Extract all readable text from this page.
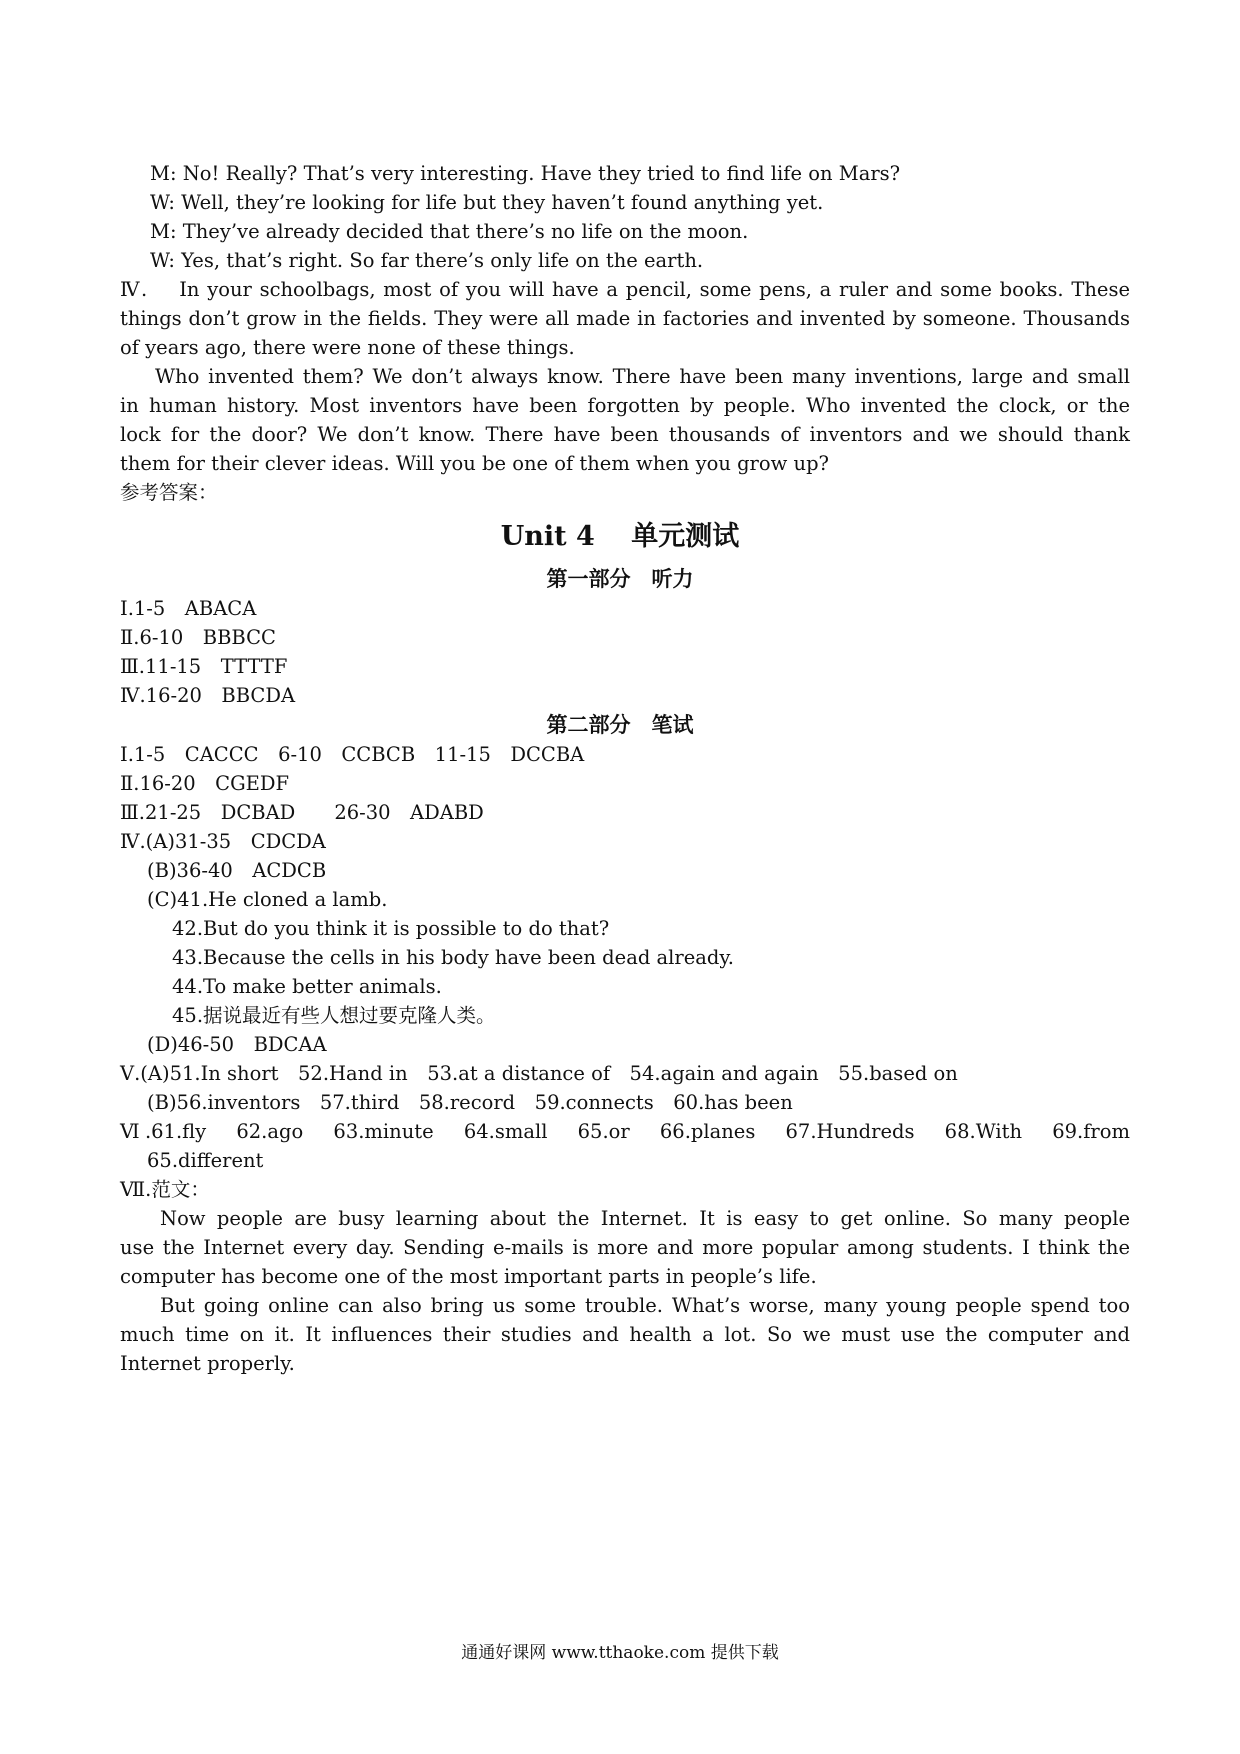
M: No! Really? That’s very interesting. Have they tried to find life on Mars?
W: Well, they’re looking for life but they haven’t found anything yet.
M: They’ve already decided that there’s no life on the moon.
W: Yes, that’s right. So far there’s only life on the earth.
Ⅳ. In your schoolbags, most of you will have a pencil, some pens, a ruler and some books. These
things don’t grow in the fields. They were all made in factories and invented by someone. Thousands
of years ago, there were none of these things.
Who invented them? We don’t always know. There have been many inventions, large and small
in human history. Most inventors have been forgotten by people. Who invented the clock, or the
lock for the door? We don’t know. There have been thousands of inventors and we should thank
them for their clever ideas. Will you be one of them when you grow up?
参考答案：
Unit 4　 单元测试
第一部分　听力
Ⅰ.1-5　ABACA
Ⅱ.6-10　BBBCC
Ⅲ.11-15　TTTTF
Ⅳ.16-20　BBCDA
第二部分　笔试
Ⅰ.1-5　CACCC　6-10　CCBCB　11-15　DCCBA
Ⅱ.16-20　CGEDF
Ⅲ.21-25　DCBAD　　26-30　ADABD
Ⅳ.(A)31-35　CDCDA
(B)36-40　ACDCB
(C)41.He cloned a lamb.
42.But do you think it is possible to do that?
43.Because the cells in his body have been dead already.
44.To make better animals.
45.据说最近有些人想过要克隆人类。
(D)46-50　BDCAA
Ⅴ.(A)51.In short　52.Hand in　53.at a distance of　54.again and again　55.based on
(B)56.inventors　57.third　58.record　59.connects　60.has been
Ⅵ.61.fly　62.ago　63.minute　64.small　65.or　66.planes　67.Hundreds　68.With　69.from
65.different
Ⅶ.范文：
Now people are busy learning about the Internet. It is easy to get online. So many people
use the Internet every day. Sending e-mails is more and more popular among students. I think the
computer has become one of the most important parts in people’s life.
But going online can also bring us some trouble. What’s worse, many young people spend too
much time on it. It influences their studies and health a lot. So we must use the computer and
Internet properly.
通通好课网 www.tthaoke.com 提供下载
